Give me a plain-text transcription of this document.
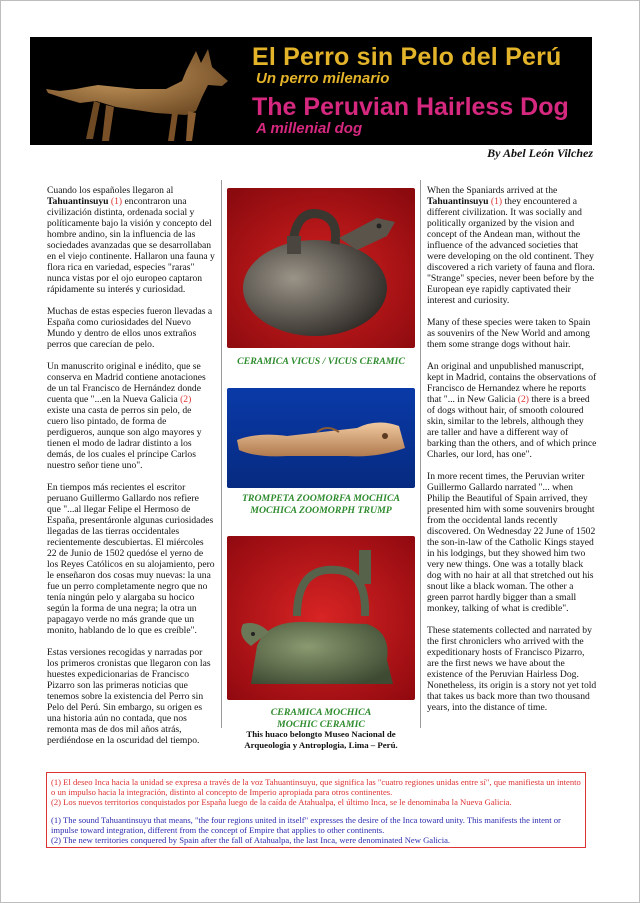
El Perro sin Pelo del Perú
Un perro milenario
The Peruvian Hairless Dog
A millenial dog
By Abel León Vilchez

Cuando los españoles llegaron al Tahuantinsuyu (1) encontraron una civilización distinta, ordenada social y políticamente bajo la visión y concepto del hombre andino, sin la influencia de las sociedades avanzadas que se desarrollaban en el viejo continente. Hallaron una fauna y flora rica en variedad, especies "raras" nunca vistas por el ojo europeo captaron rápidamente su interés y curiosidad.

Muchas de estas especies fueron llevadas a España como curiosidades del Nuevo Mundo y dentro de ellos unos extraños perros que carecían de pelo.

Un manuscrito original e inédito, que se conserva en Madrid contiene anotaciones de un tal Francisco de Hernández donde cuenta que "...en la Nueva Galicia (2) existe una casta de perros sin pelo, de cuero liso pintado, de forma de perdigueros, aunque son algo mayores y tienen el modo de ladrar distinto a los demás, de los cuales el príncipe Carlos nuestro señor tiene uno".

En tiempos más recientes el escritor peruano Guillermo Gallardo nos refiere que "...al llegar Felipe el Hermoso de España, presentáronle algunas curiosidades llegadas de las tierras occidentales recientemente descubiertas. El miércoles 22 de Junio de 1502 quedóse el yerno de los Reyes Católicos en su alojamiento, pero le enseñaron dos cosas muy nuevas: la una fue un perro completamente negro que no tenía ningún pelo y alargaba su hocico según la forma de una negra; la otra un papagayo verde no más grande que un monito, hablando de lo que es creíble".

Estas versiones recogidas y narradas por los primeros cronistas que llegaron con las huestes expedicionarias de Francisco Pizarro son las primeras noticias que tenemos sobre la existencia del Perro sin Pelo del Perú. Sin embargo, su origen es una historia aún no contada, que nos remonta mas de dos mil años atrás, perdiéndose en la oscuridad del tiempo.

When the Spaniards arrived at the Tahuantinsuyu (1) they encountered a different civilization. It was socially and politically organized by the vision and concept of the Andean man, without the influence of the advanced societies that were developing on the old continent. They discovered a rich variety of fauna and flora. "Strange" species, never been before by the European eye rapidly captivated their interest and curiosity.

Many of these species were taken to Spain as souvenirs of the New World and among them some strange dogs without hair.

An original and unpublished manuscript, kept in Madrid, contains the observations of Francisco de Hernandez where he reports that "... in New Galicia (2) there is a breed of dogs without hair, of smooth coloured skin, similar to the lebrels, although they are taller and have a different way of barking than the others, and of which prince Charles, our lord, has one".

In more recent times, the Peruvian writer Guillermo Gallardo narrated "... when Philip the Beautiful of Spain arrived, they presented him with some souvenirs brought from the occidental lands recently discovered. On Wednesday 22 June of 1502 the son-in-law of the Catholic Kings stayed in his lodgings, but they showed him two very new things. One was a totally black dog with no hair at all that stretched out his snout like a black woman. The other a green parrot hardly bigger than a small monkey, talking of what is credible".

These statements collected and narrated by the first chroniclers who arrived with the expeditionary hosts of Francisco Pizarro, are the first news we have about the existence of the Peruvian Hairless Dog. Nonetheless, its origin is a story not yet told that takes us back more than two thousand years, into the distance of time.

CERAMICA VICUS / VICUS CERAMIC
TROMPETA ZOOMORFA MOCHICA
MOCHICA ZOOMORPH TRUMP
CERAMICA MOCHICA
MOCHIC CERAMIC
This huaco belongto Museo Nacional de
Arqueologia y Antroplogia, Lima – Perú.

(1) El deseo Inca hacia la unidad se expresa a través de la voz Tahuantinsuyu, que significa las "cuatro regiones unidas entre sí", que manifiesta un intento o un impulso hacia la integración, distinto al concepto de Imperio apropiada para otros continentes.

(2) Los nuevos territorios conquistados por España luego de la caída de Atahualpa, el último Inca, se le denominaba la Nueva Galicia.

(1) The sound Tahuantinsuyu that means, "the four regions united in itself" expresses the desire of the Inca toward unity. This manifests the intent or impulse toward integration, different from the concept of Empire that applies to other continents.

(2) The new territories conquered by Spain after the fall of Atahualpa, the last Inca, were denominated New Galicia.
